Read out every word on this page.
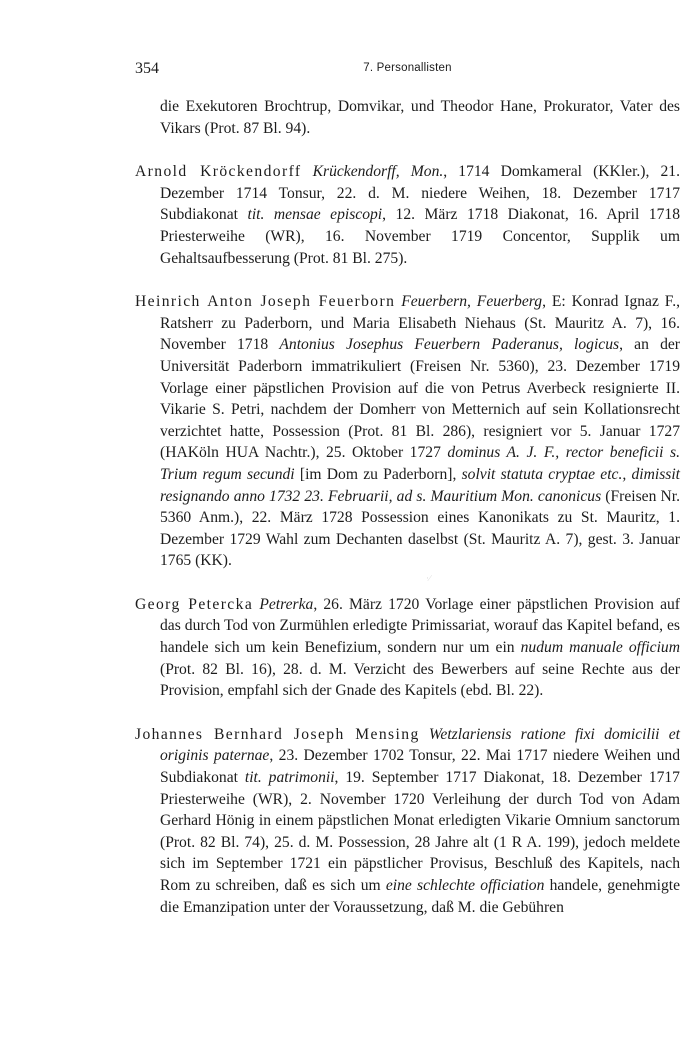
354	7. Personallisten

die Exekutoren Brochtrup, Domvikar, und Theodor Hane, Prokurator, Vater des Vikars (Prot. 87 Bl. 94).

Arnold Kröckendorff Krückendorff, Mon., 1714 Domkameral (KKler.), 21. Dezember 1714 Tonsur, 22. d. M. niedere Weihen, 18. Dezember 1717 Subdiakonat tit. mensae episcopi, 12. März 1718 Diakonat, 16. April 1718 Priesterweihe (WR), 16. November 1719 Concentor, Supplik um Gehaltsaufbesserung (Prot. 81 Bl. 275).

Heinrich Anton Joseph Feuerborn Feuerbern, Feuerberg, E: Konrad Ignaz F., Ratsherr zu Paderborn, und Maria Elisabeth Niehaus (St. Mauritz A. 7), 16. November 1718 Antonius Josephus Feuerbern Paderanus, logicus, an der Universität Paderborn immatrikuliert (Freisen Nr. 5360), 23. Dezember 1719 Vorlage einer päpstlichen Provision auf die von Petrus Averbeck resignierte II. Vikarie S. Petri, nachdem der Domherr von Metternich auf sein Kollationsrecht verzichtet hatte, Possession (Prot. 81 Bl. 286), resigniert vor 5. Januar 1727 (HAKöln HUA Nachtr.), 25. Oktober 1727 dominus A. J. F., rector beneficii s. Trium regum secundi [im Dom zu Paderborn], solvit statuta cryptae etc., dimissit resignando anno 1732 23. Februarii, ad s. Mauritium Mon. canonicus (Freisen Nr. 5360 Anm.), 22. März 1728 Possession eines Kanonikats zu St. Mauritz, 1. Dezember 1729 Wahl zum Dechanten daselbst (St. Mauritz A. 7), gest. 3. Januar 1765 (KK).

Georg Petercka Petrerka, 26. März 1720 Vorlage einer päpstlichen Provision auf das durch Tod von Zurmühlen erledigte Primissariat, worauf das Kapitel befand, es handele sich um kein Benefizium, sondern nur um ein nudum manuale officium (Prot. 82 Bl. 16), 28. d. M. Verzicht des Bewerbers auf seine Rechte aus der Provision, empfahl sich der Gnade des Kapitels (ebd. Bl. 22).

Johannes Bernhard Joseph Mensing Wetzlariensis ratione fixi domicilii et originis paternae, 23. Dezember 1702 Tonsur, 22. Mai 1717 niedere Weihen und Subdiakonat tit. patrimonii, 19. September 1717 Diakonat, 18. Dezember 1717 Priesterweihe (WR), 2. November 1720 Verleihung der durch Tod von Adam Gerhard Hönig in einem päpstlichen Monat erledigten Vikarie Omnium sanctorum (Prot. 82 Bl. 74), 25. d. M. Possession, 28 Jahre alt (1 R A. 199), jedoch meldete sich im September 1721 ein päpstlicher Provisus, Beschluß des Kapitels, nach Rom zu schreiben, daß es sich um eine schlechte officiation handele, genehmigte die Emanzipation unter der Voraussetzung, daß M. die Gebühren

·∕
